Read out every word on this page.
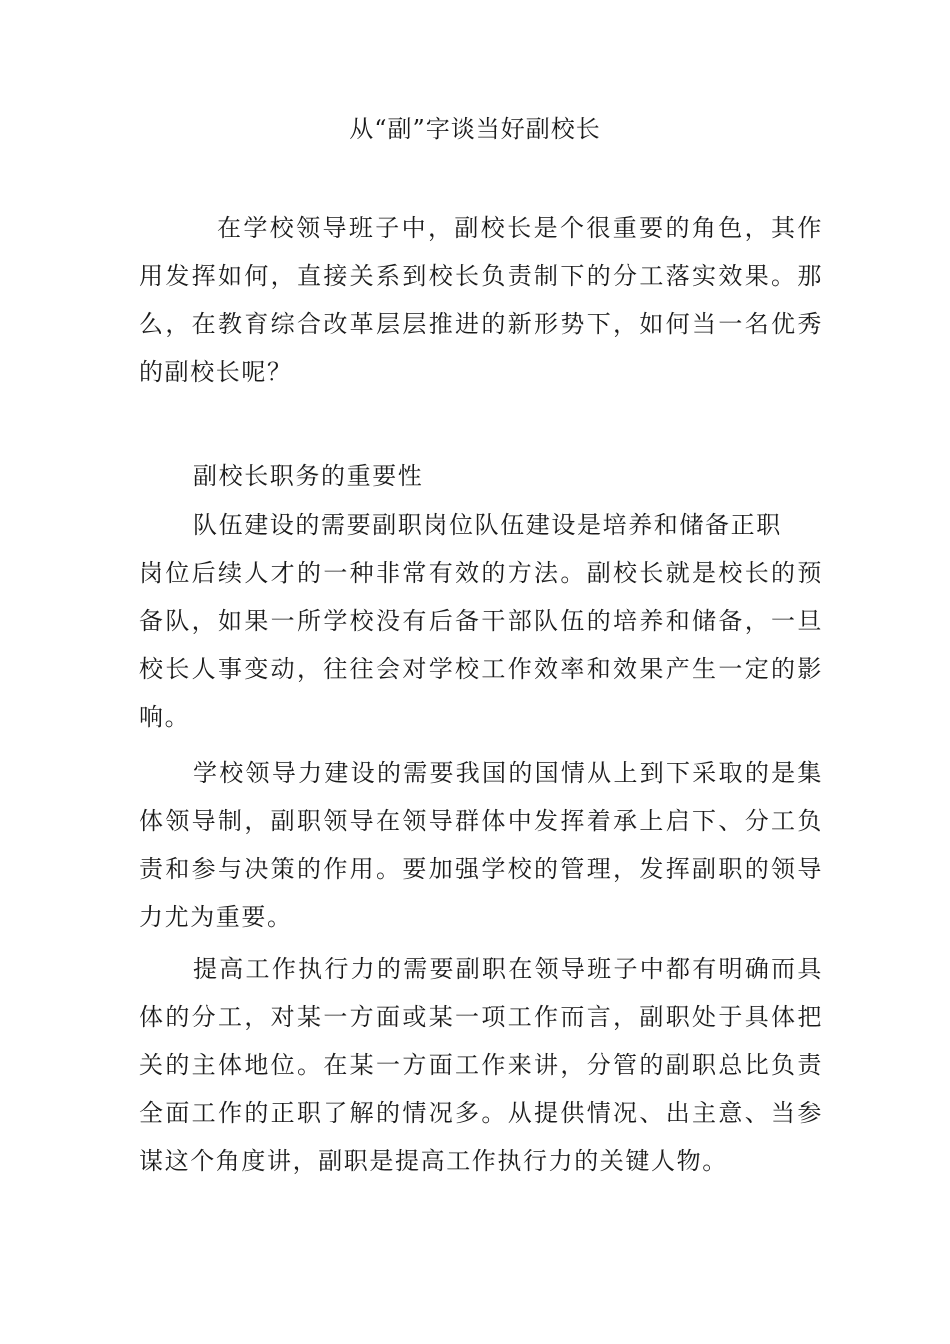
从“副”字谈当好副校长
在学校领导班子中，副校长是个很重要的角色，其作用发挥如何，直接关系到校长负责制下的分工落实效果。那么，在教育综合改革层层推进的新形势下，如何当一名优秀的副校长呢？
副校长职务的重要性
队伍建设的需要副职岗位队伍建设是培养和储备正职
岗位后续人才的一种非常有效的方法。副校长就是校长的预备队，如果一所学校没有后备干部队伍的培养和储备，一旦校长人事变动，往往会对学校工作效率和效果产生一定的影响。
学校领导力建设的需要我国的国情从上到下采取的是集体领导制，副职领导在领导群体中发挥着承上启下、分工负责和参与决策的作用。要加强学校的管理，发挥副职的领导力尤为重要。
提高工作执行力的需要副职在领导班子中都有明确而具体的分工，对某一方面或某一项工作而言，副职处于具体把关的主体地位。在某一方面工作来讲，分管的副职总比负责全面工作的正职了解的情况多。从提供情况、出主意、当参谋这个角度讲，副职是提高工作执行力的关键人物。
